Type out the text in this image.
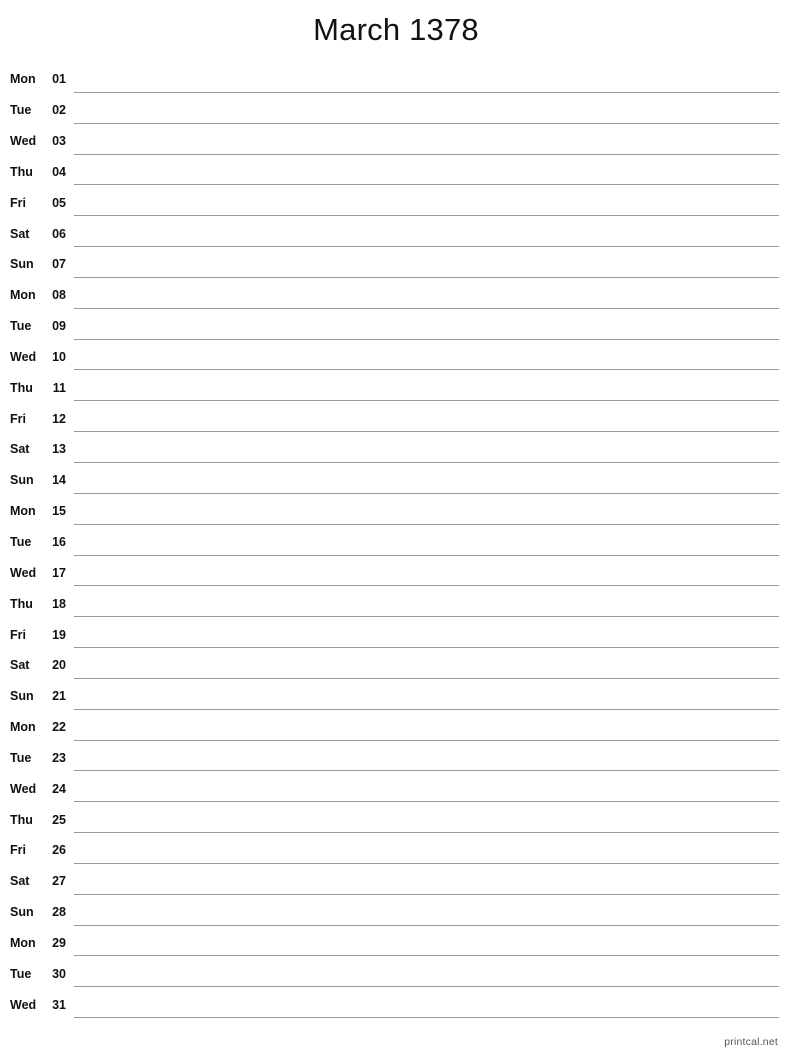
March 1378
Mon	01
Tue	02
Wed	03
Thu	04
Fri	05
Sat	06
Sun	07
Mon	08
Tue	09
Wed	10
Thu	11
Fri	12
Sat	13
Sun	14
Mon	15
Tue	16
Wed	17
Thu	18
Fri	19
Sat	20
Sun	21
Mon	22
Tue	23
Wed	24
Thu	25
Fri	26
Sat	27
Sun	28
Mon	29
Tue	30
Wed	31
printcal.net
